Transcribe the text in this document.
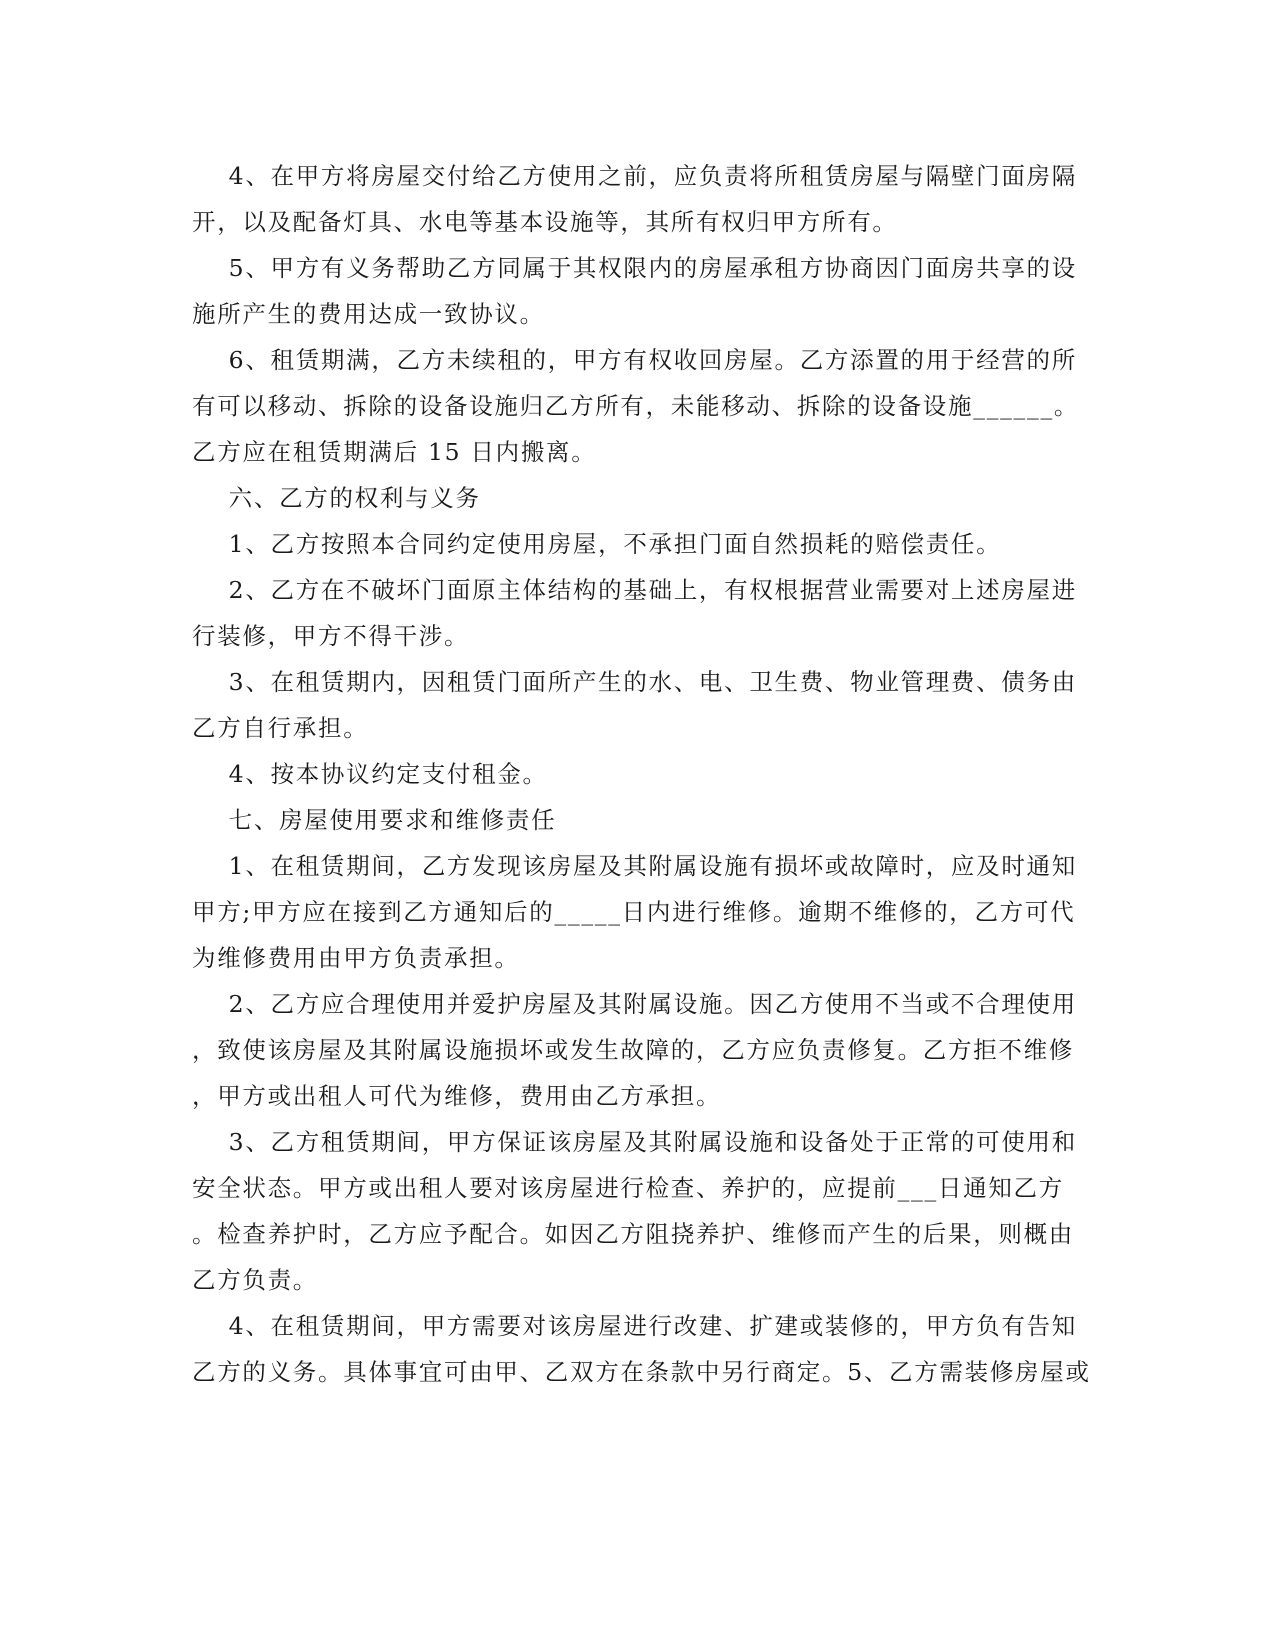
4、在甲方将房屋交付给乙方使用之前，应负责将所租赁房屋与隔壁门面房隔
开，以及配备灯具、水电等基本设施等，其所有权归甲方所有。
5、甲方有义务帮助乙方同属于其权限内的房屋承租方协商因门面房共享的设
施所产生的费用达成一致协议。
6、租赁期满，乙方未续租的，甲方有权收回房屋。乙方添置的用于经营的所
有可以移动、拆除的设备设施归乙方所有，未能移动、拆除的设备设施______。
乙方应在租赁期满后 15 日内搬离。
六、乙方的权利与义务
1、乙方按照本合同约定使用房屋，不承担门面自然损耗的赔偿责任。
2、乙方在不破坏门面原主体结构的基础上，有权根据营业需要对上述房屋进
行装修，甲方不得干涉。
3、在租赁期内，因租赁门面所产生的水、电、卫生费、物业管理费、债务由
乙方自行承担。
4、按本协议约定支付租金。
七、房屋使用要求和维修责任
1、在租赁期间，乙方发现该房屋及其附属设施有损坏或故障时，应及时通知
甲方;甲方应在接到乙方通知后的_____日内进行维修。逾期不维修的，乙方可代
为维修费用由甲方负责承担。
2、乙方应合理使用并爱护房屋及其附属设施。因乙方使用不当或不合理使用
，致使该房屋及其附属设施损坏或发生故障的，乙方应负责修复。乙方拒不维修
，甲方或出租人可代为维修，费用由乙方承担。
3、乙方租赁期间，甲方保证该房屋及其附属设施和设备处于正常的可使用和
安全状态。甲方或出租人要对该房屋进行检查、养护的，应提前___日通知乙方
。检查养护时，乙方应予配合。如因乙方阻挠养护、维修而产生的后果，则概由
乙方负责。
4、在租赁期间，甲方需要对该房屋进行改建、扩建或装修的，甲方负有告知
乙方的义务。具体事宜可由甲、乙双方在条款中另行商定。5、乙方需装修房屋或
